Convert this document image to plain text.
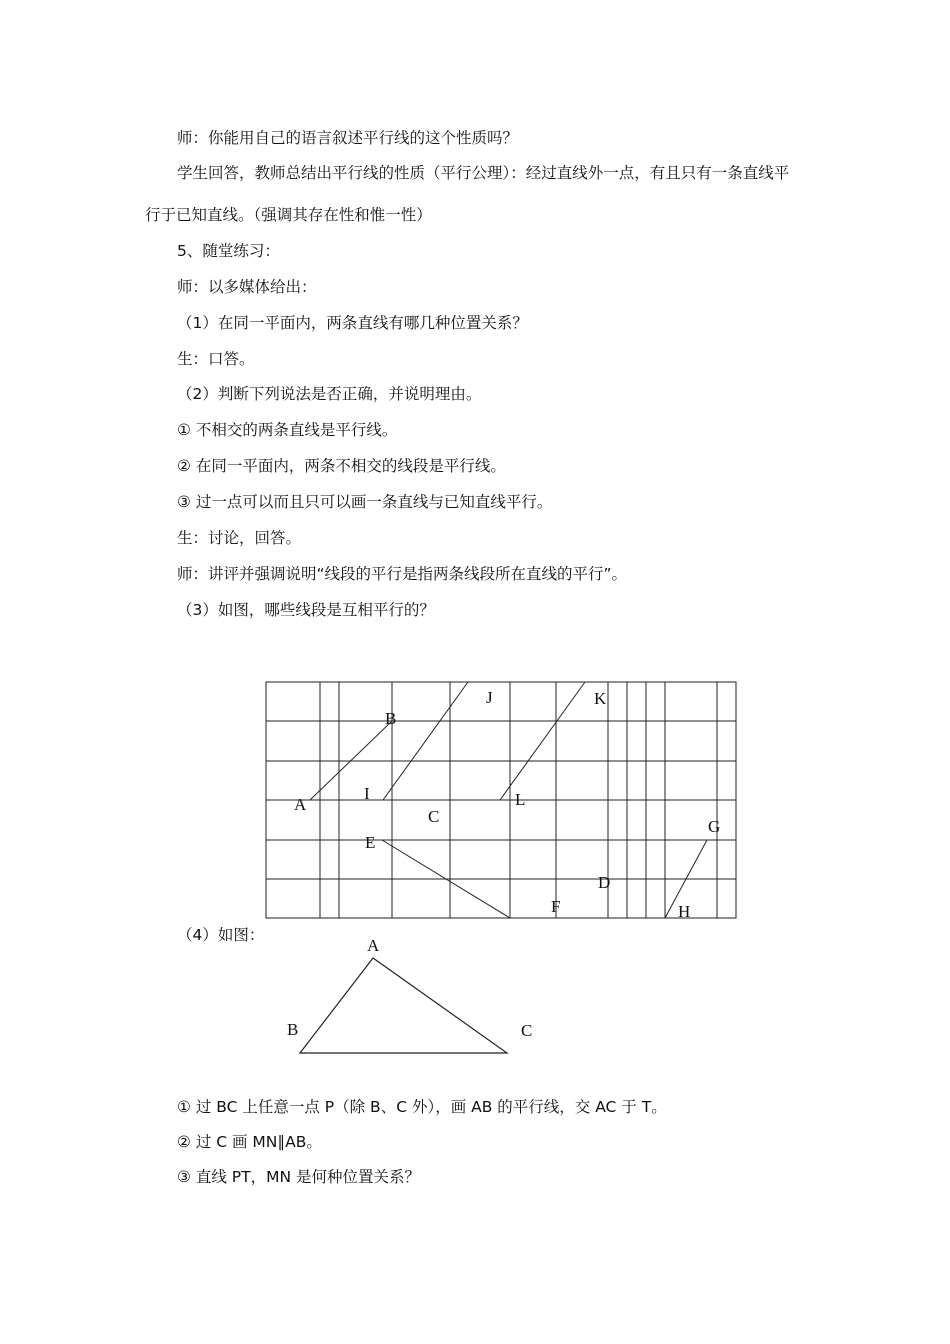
师：你能用自己的语言叙述平行线的这个性质吗？
学生回答，教师总结出平行线的性质（平行公理）：经过直线外一点，有且只有一条直线平
行于已知直线。（强调其存在性和惟一性）
5、随堂练习：
师：以多媒体给出：
（1）在同一平面内，两条直线有哪几种位置关系？
生：口答。
（2）判断下列说法是否正确，并说明理由。
① 不相交的两条直线是平行线。
② 在同一平面内，两条不相交的线段是平行线。
③ 过一点可以而且只可以画一条直线与已知直线平行。
生：讨论，回答。
师：讲评并强调说明“线段的平行是指两条线段所在直线的平行”。
（3）如图，哪些线段是互相平行的？
（4）如图：
① 过 BC 上任意一点 P（除 B、C 外），画 AB 的平行线，交 AC 于 T。
② 过 C 画 MN∥AB。
③ 直线 PT，MN 是何种位置关系？
A
B
C
D
E
F
G
H
I
J	K
L
A
B	C
